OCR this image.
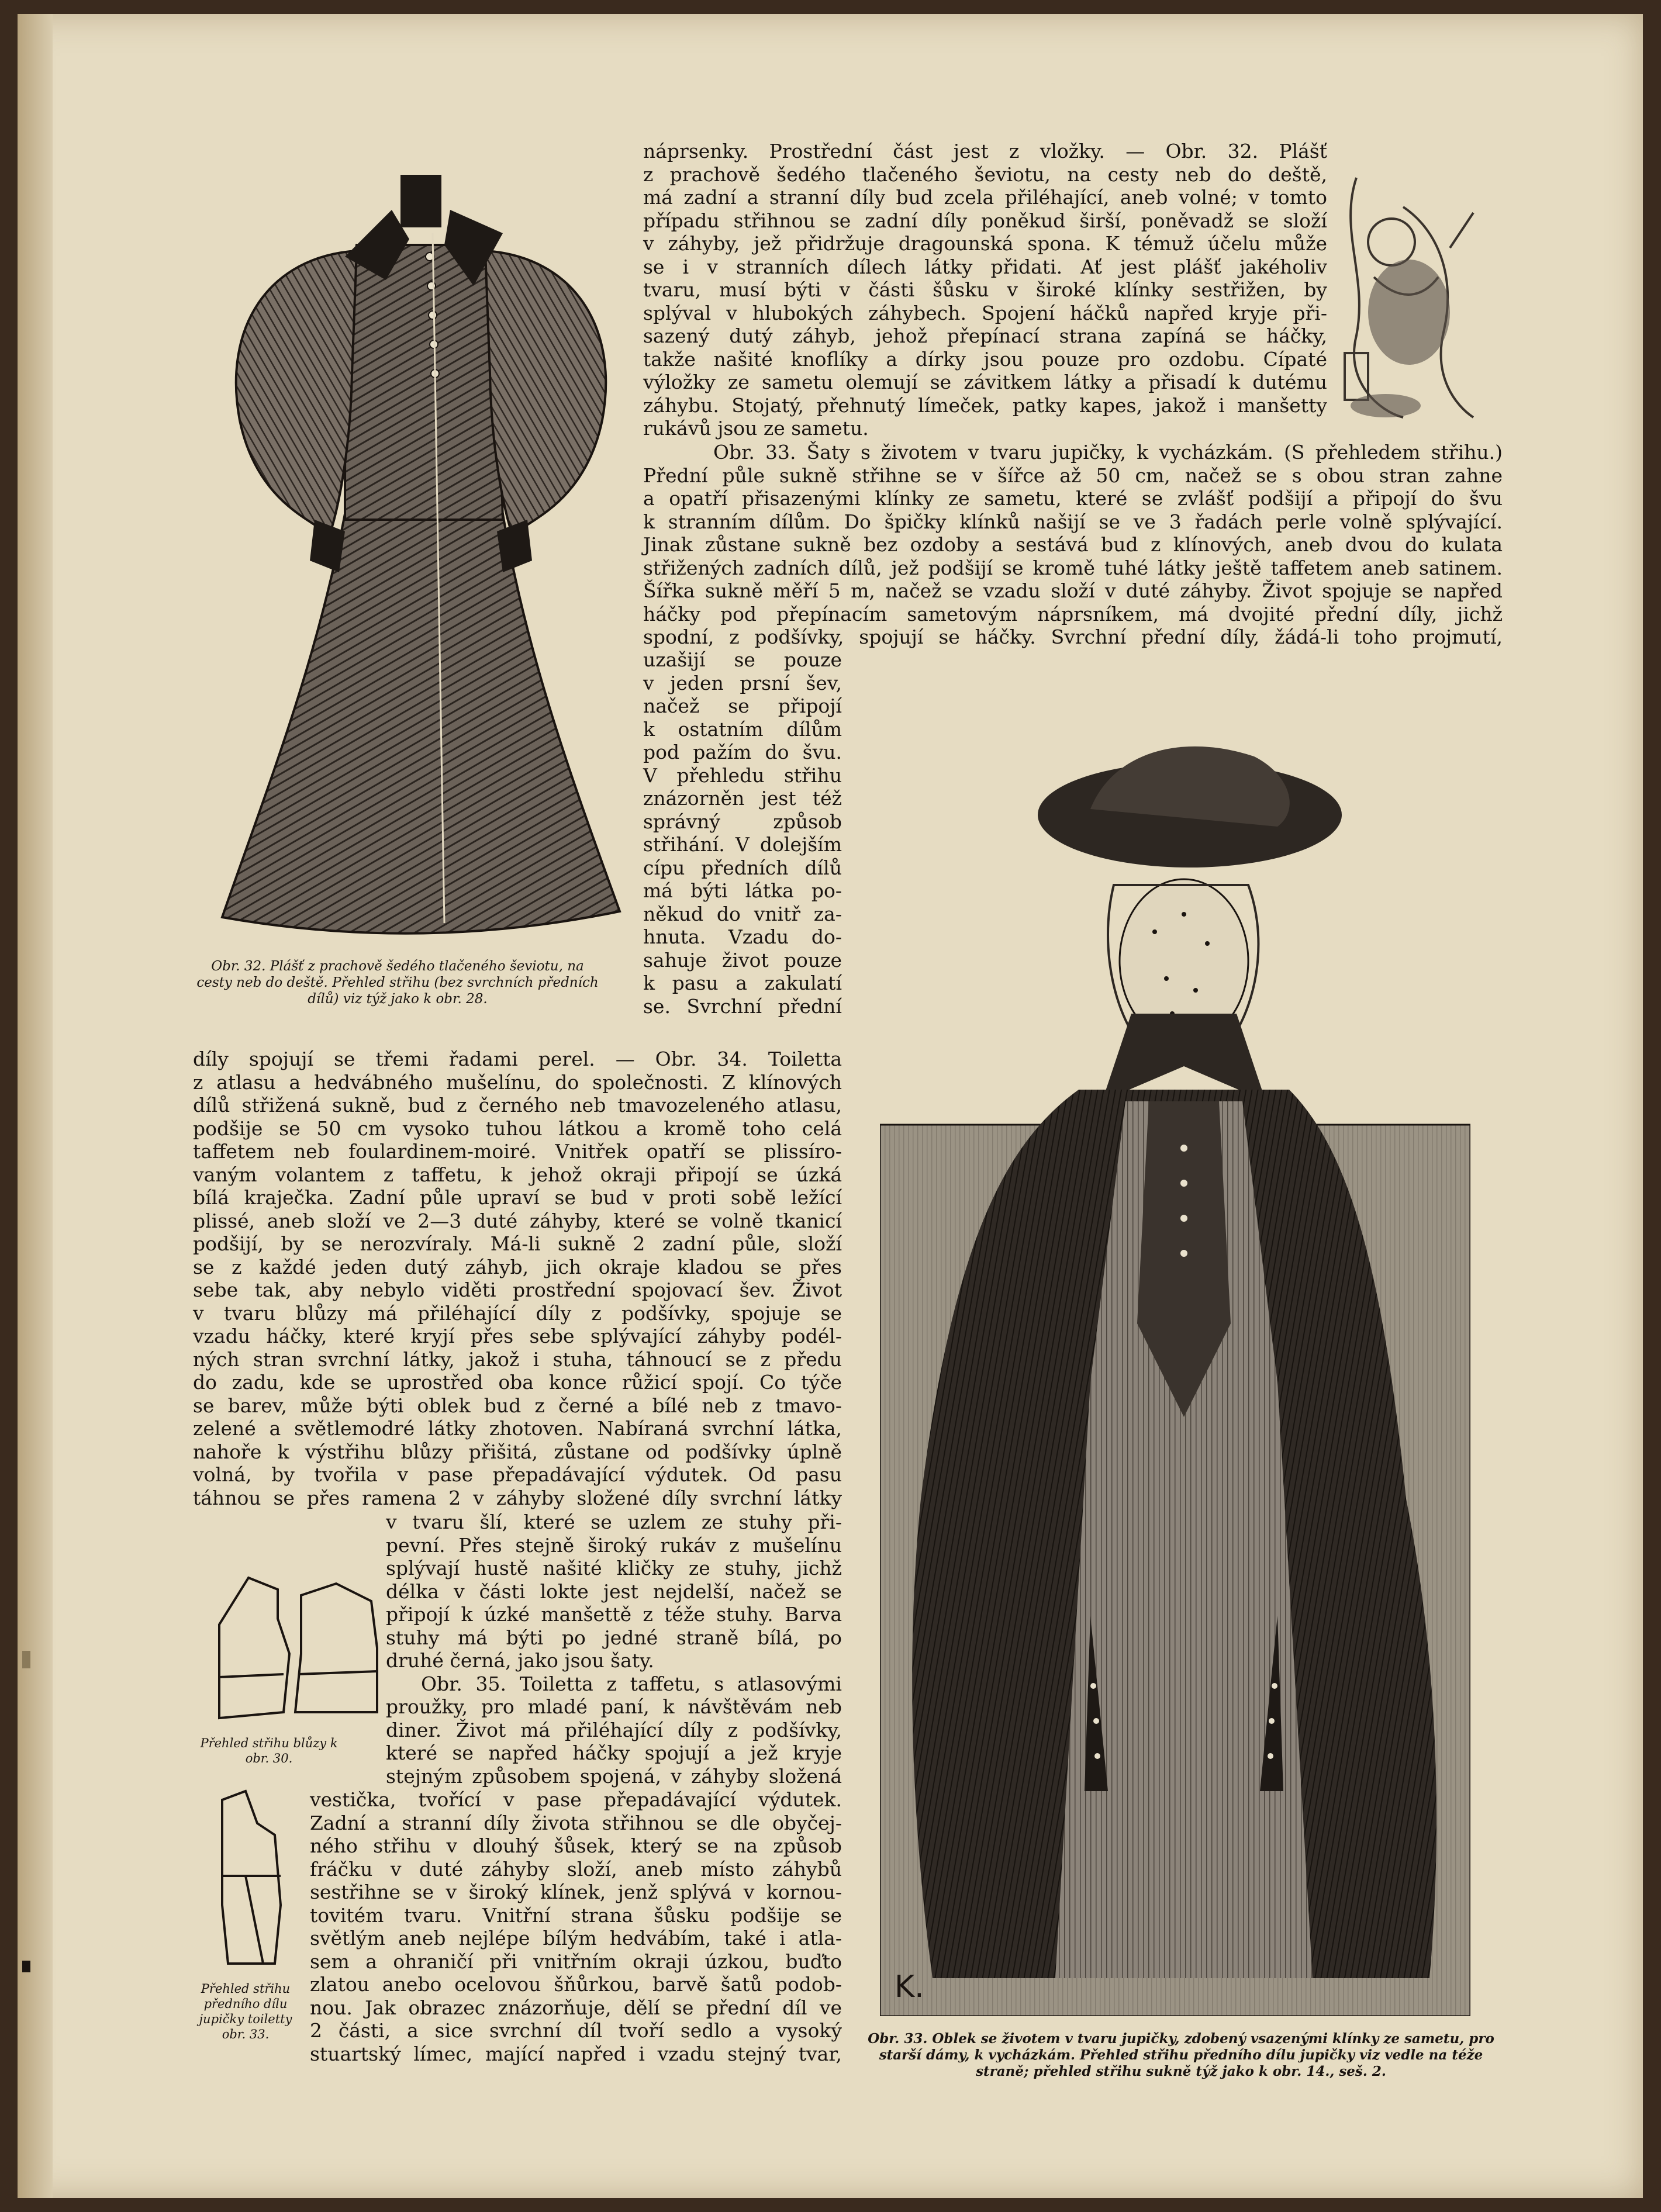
Obr. 32. Plášť z prachově šedého tlačeného ševiotu, na cesty neb do deště. Přehled střihu (bez svrchních předních dílů) viz týž jako k obr. 28.

K.

Obr. 33. Oblek se životem v tvaru jupičky, zdobený vsazenými klínky ze sametu, pro starší dámy, k vycházkám. Přehled střihu předního dílu jupičky viz vedle na téže straně; přehled střihu sukně týž jako k obr. 14., seš. 2.

Přehled střihu blůzy k obr. 30.

Přehled střihu předního dílu jupičky toiletty obr. 33.

náprsenky. Prostřední část jest z vložky. — Obr. 32. Plášť
z prachově šedého tlačeného ševiotu, na cesty neb do deště,
má zadní a stranní díly bud zcela přiléhající, aneb volné; v tomto
případu střihnou se zadní díly poněkud širší, poněvadž se složí
v záhyby, jež přidržuje dragounská spona. K témuž účelu může
se i v stranních dílech látky přidati. Ať jest plášť jakéholiv
tvaru, musí býti v části šůsku v široké klínky sestřižen, by
splýval v hlubokých záhybech. Spojení háčků napřed kryje při-
sazený dutý záhyb, jehož přepínací strana zapíná se háčky,
takže našité knoflíky a dírky jsou pouze pro ozdobu. Cípaté
výložky ze sametu olemují se závitkem látky a přisadí k dutému
záhybu. Stojatý, přehnutý límeček, patky kapes, jakož i manšetty
rukávů jsou ze sametu.
Obr. 33. Šaty s životem v tvaru jupičky, k vycházkám. (S přehledem střihu.)
Přední půle sukně střihne se v šířce až 50 cm, načež se s obou stran zahne
a opatří přisazenými klínky ze sametu, které se zvlášť podšijí a připojí do švu
k stranním dílům. Do špičky klínků našijí se ve 3 řadách perle volně splývající.
Jinak zůstane sukně bez ozdoby a sestává bud z klínových, aneb dvou do kulata
střižených zadních dílů, jež podšijí se kromě tuhé látky ještě taffetem aneb satinem.
Šířka sukně měří 5 m, načež se vzadu složí v duté záhyby. Život spojuje se napřed
háčky pod přepínacím sametovým náprsníkem, má dvojité přední díly, jichž
spodní, z podšívky, spojují se háčky. Svrchní přední díly, žádá-li toho projmutí,
uzašijí se pouze
v jeden prsní šev,
načež se připojí
k ostatním dílům
pod pažím do švu.
V přehledu střihu
znázorněn jest též
správný způsob
střihání. V dolejším
cípu předních dílů
má býti látka po-
někud do vnitř za-
hnuta. Vzadu do-
sahuje život pouze
k pasu a zakulatí
se. Svrchní přední
díly spojují se třemi řadami perel. — Obr. 34. Toiletta
z atlasu a hedvábného mušelínu, do společnosti. Z klínových
dílů střižená sukně, bud z černého neb tmavozeleného atlasu,
podšije se 50 cm vysoko tuhou látkou a kromě toho celá
taffetem neb foulardinem-moiré. Vnitřek opatří se plissíro-
vaným volantem z taffetu, k jehož okraji připojí se úzká
bílá kraječka. Zadní půle upraví se bud v proti sobě ležící
plissé, aneb složí ve 2—3 duté záhyby, které se volně tkanicí
podšijí, by se nerozvíraly. Má-li sukně 2 zadní půle, složí
se z každé jeden dutý záhyb, jich okraje kladou se přes
sebe tak, aby nebylo viděti prostřední spojovací šev. Život
v tvaru blůzy má přiléhající díly z podšívky, spojuje se
vzadu háčky, které kryjí přes sebe splývající záhyby podél-
ných stran svrchní látky, jakož i stuha, táhnoucí se z předu
do zadu, kde se uprostřed oba konce růžicí spojí. Co týče
se barev, může býti oblek bud z černé a bílé neb z tmavo-
zelené a světlemodré látky zhotoven. Nabíraná svrchní látka,
nahoře k výstřihu blůzy přišitá, zůstane od podšívky úplně
volná, by tvořila v pase přepadávající výdutek. Od pasu
táhnou se přes ramena 2 v záhyby složené díly svrchní látky
v tvaru šlí, které se uzlem ze stuhy při-
pevní. Přes stejně široký rukáv z mušelínu
splývají hustě našité kličky ze stuhy, jichž
délka v části lokte jest nejdelší, načež se
připojí k úzké manšettě z téže stuhy. Barva
stuhy má býti po jedné straně bílá, po
druhé černá, jako jsou šaty.
Obr. 35. Toiletta z taffetu, s atlasovými
proužky, pro mladé paní, k návštěvám neb
diner. Život má přiléhající díly z podšívky,
které se napřed háčky spojují a jež kryje
stejným způsobem spojená, v záhyby složená
vestička, tvořící v pase přepadávající výdutek.
Zadní a stranní díly života střihnou se dle obyčej-
ného střihu v dlouhý šůsek, který se na způsob
fráčku v duté záhyby složí, aneb místo záhybů
sestřihne se v široký klínek, jenž splývá v kornou-
tovitém tvaru. Vnitřní strana šůsku podšije se
světlým aneb nejlépe bílým hedvábím, také i atla-
sem a ohraničí při vnitřním okraji úzkou, buďto
zlatou anebo ocelovou šňůrkou, barvě šatů podob-
nou. Jak obrazec znázorňuje, dělí se přední díl ve
2 části, a sice svrchní díl tvoří sedlo a vysoký
stuartský límec, mající napřed i vzadu stejný tvar,
